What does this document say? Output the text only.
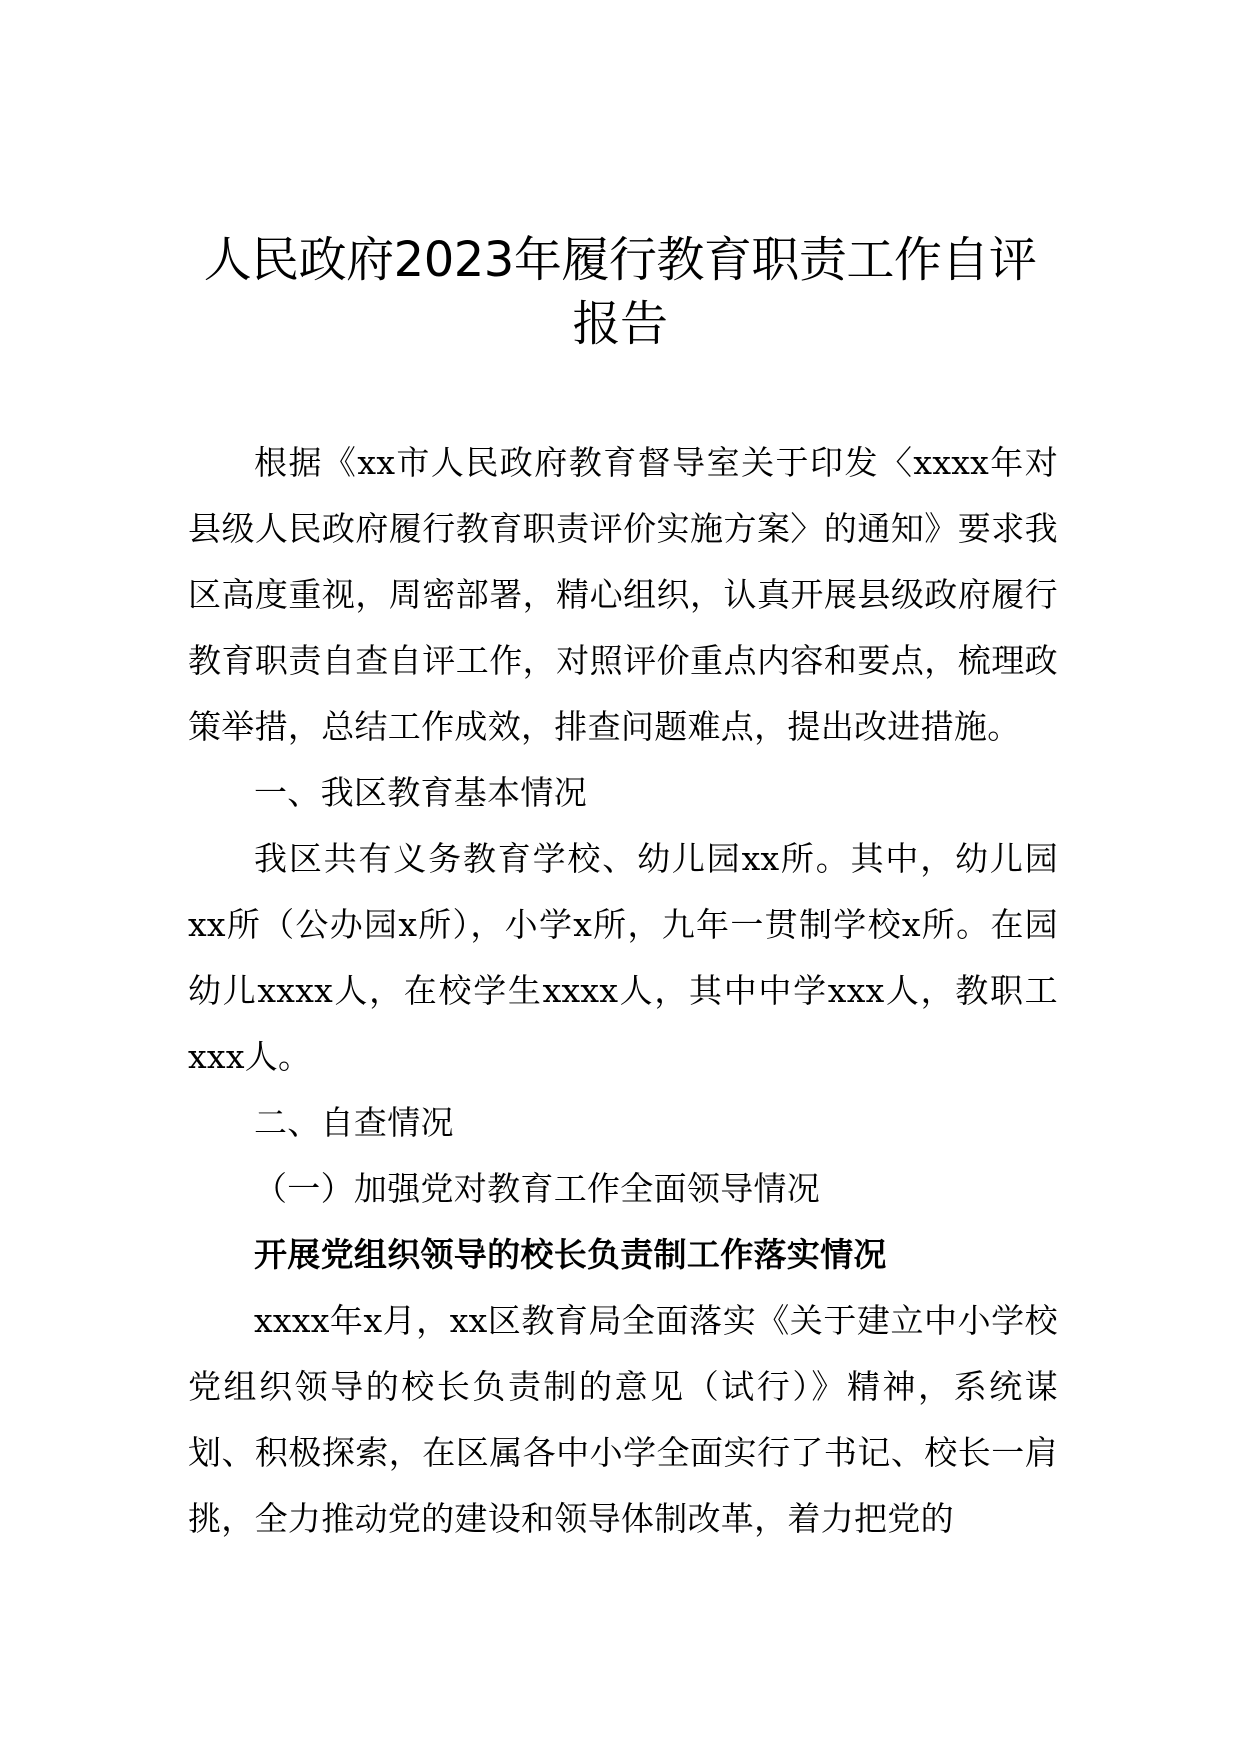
人民政府2023年履行教育职责工作自评报告

根据《xx市人民政府教育督导室关于印发〈xxxx年对县级人民政府履行教育职责评价实施方案〉的通知》要求我区高度重视，周密部署，精心组织，认真开展县级政府履行教育职责自查自评工作，对照评价重点内容和要点，梳理政策举措，总结工作成效，排查问题难点，提出改进措施。

一、我区教育基本情况

我区共有义务教育学校、幼儿园xx所。其中，幼儿园xx所（公办园x所），小学x所，九年一贯制学校x所。在园幼儿xxxx人，在校学生xxxx人，其中中学xxx人，教职工xxx人。

二、自查情况

（一）加强党对教育工作全面领导情况

开展党组织领导的校长负责制工作落实情况

xxxx年x月，xx区教育局全面落实《关于建立中小学校党组织领导的校长负责制的意见（试行）》精神，系统谋划、积极探索，在区属各中小学全面实行了书记、校长一肩挑，全力推动党的建设和领导体制改革，着力把党的
